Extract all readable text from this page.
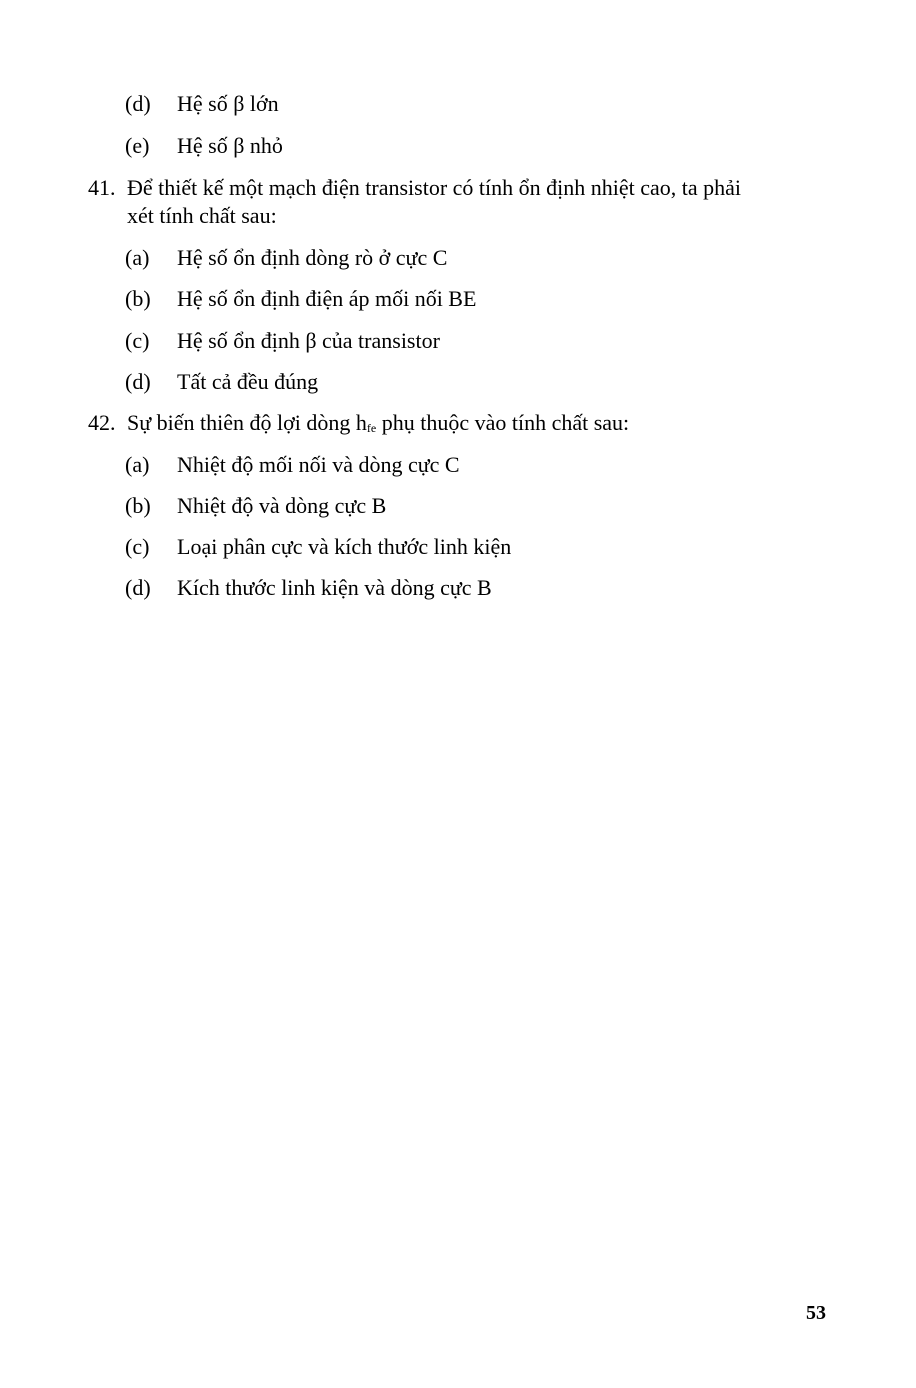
(d) Hệ số β lớn
(e) Hệ số β nhỏ
41. Để thiết kế một mạch điện transistor có tính ổn định nhiệt cao, ta phải
xét tính chất sau:
(a) Hệ số ổn định dòng rò ở cực C
(b) Hệ số ổn định điện áp mối nối BE
(c) Hệ số ổn định β của transistor
(d) Tất cả đều đúng
42. Sự biến thiên độ lợi dòng hfe phụ thuộc vào tính chất sau:
(a) Nhiệt độ mối nối và dòng cực C
(b) Nhiệt độ và dòng cực B
(c) Loại phân cực và kích thước linh kiện
(d) Kích thước linh kiện và dòng cực B
53
